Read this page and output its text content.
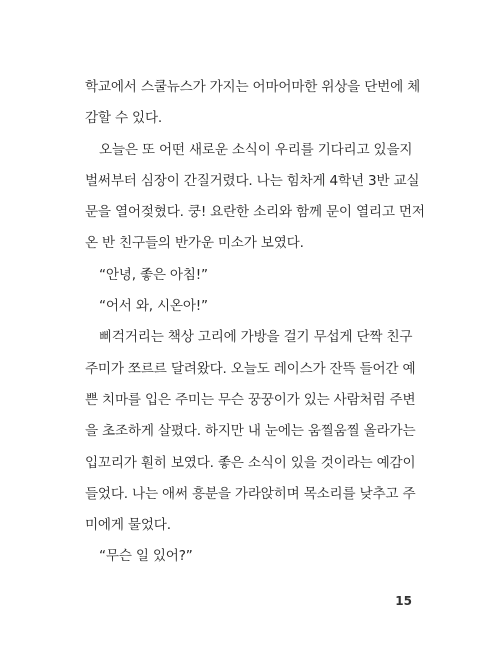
학교에서 스쿨뉴스가 가지는 어마어마한 위상을 단번에 체
감할 수 있다.
오늘은 또 어떤 새로운 소식이 우리를 기다리고 있을지
벌써부터 심장이 간질거렸다. 나는 힘차게 4학년 3반 교실
문을 열어젖혔다. 쿵! 요란한 소리와 함께 문이 열리고 먼저
온 반 친구들의 반가운 미소가 보였다.
“안녕, 좋은 아침!”
“어서 와, 시온아!”
삐걱거리는 책상 고리에 가방을 걸기 무섭게 단짝 친구
주미가 쪼르르 달려왔다. 오늘도 레이스가 잔뜩 들어간 예
쁜 치마를 입은 주미는 무슨 꿍꿍이가 있는 사람처럼 주변
을 초조하게 살폈다. 하지만 내 눈에는 움찔움찔 올라가는
입꼬리가 훤히 보였다. 좋은 소식이 있을 것이라는 예감이
들었다. 나는 애써 흥분을 가라앉히며 목소리를 낮추고 주
미에게 물었다.
“무슨 일 있어?”
15
